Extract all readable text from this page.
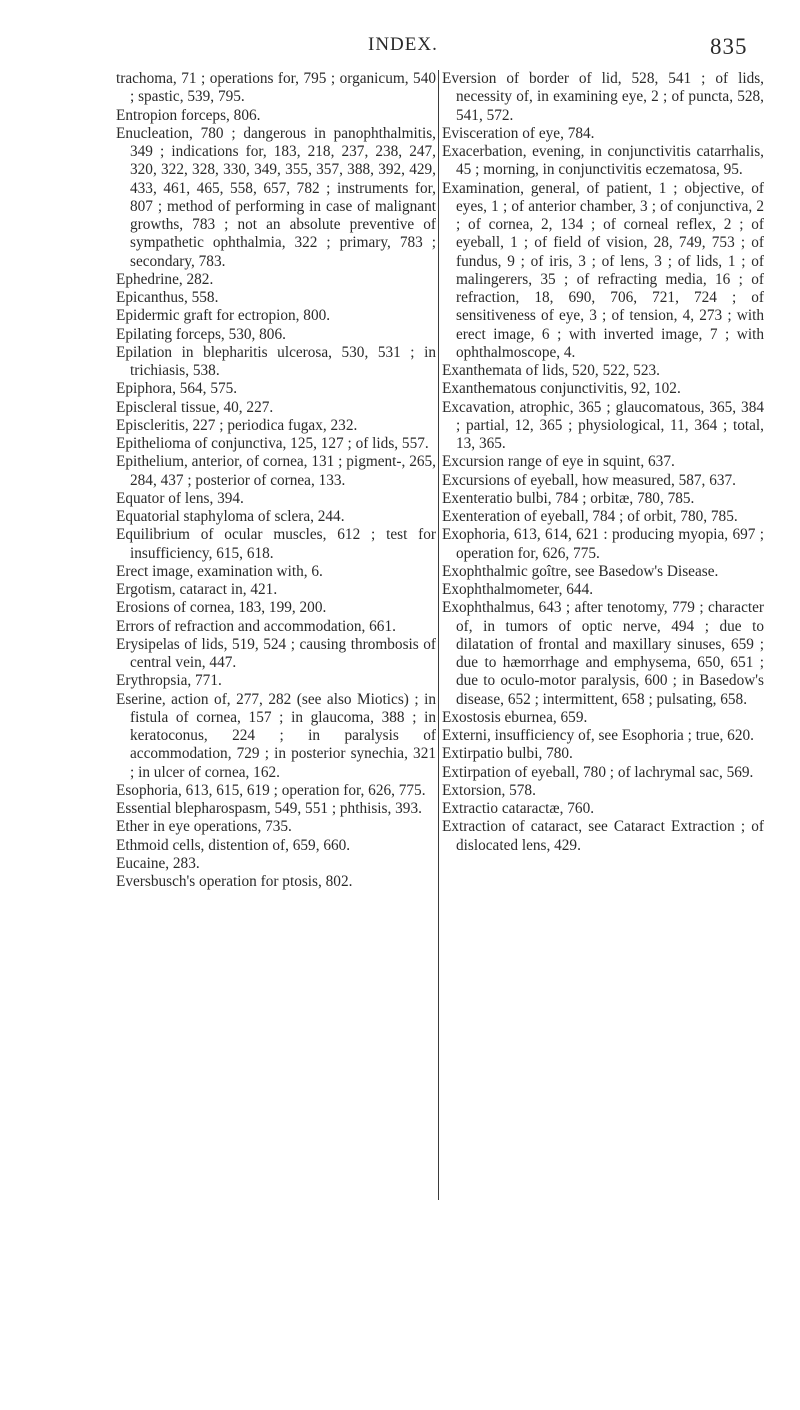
INDEX.	835
trachoma, 71 ; operations for, 795 ; organicum, 540 ; spastic, 539, 795.
Entropion forceps, 806.
Enucleation, 780 ; dangerous in panophthalmitis, 349 ; indications for, 183, 218, 237, 238, 247, 320, 322, 328, 330, 349, 355, 357, 388, 392, 429, 433, 461, 465, 558, 657, 782 ; instruments for, 807 ; method of performing in case of malignant growths, 783 ; not an absolute preventive of sympathetic ophthalmia, 322 ; primary, 783 ; secondary, 783.
Ephedrine, 282.
Epicanthus, 558.
Epidermic graft for ectropion, 800.
Epilating forceps, 530, 806.
Epilation in blepharitis ulcerosa, 530, 531 ; in trichiasis, 538.
Epiphora, 564, 575.
Episcleral tissue, 40, 227.
Episcleritis, 227 ; periodica fugax, 232.
Epithelioma of conjunctiva, 125, 127 ; of lids, 557.
Epithelium, anterior, of cornea, 131 ; pigment-, 265, 284, 437 ; posterior of cornea, 133.
Equator of lens, 394.
Equatorial staphyloma of sclera, 244.
Equilibrium of ocular muscles, 612 ; test for insufficiency, 615, 618.
Erect image, examination with, 6.
Ergotism, cataract in, 421.
Erosions of cornea, 183, 199, 200.
Errors of refraction and accommodation, 661.
Erysipelas of lids, 519, 524 ; causing thrombosis of central vein, 447.
Erythropsia, 771.
Eserine, action of, 277, 282 (see also Miotics) ; in fistula of cornea, 157 ; in glaucoma, 388 ; in keratoconus, 224 ; in paralysis of accommodation, 729 ; in posterior synechia, 321 ; in ulcer of cornea, 162.
Esophoria, 613, 615, 619 ; operation for, 626, 775.
Essential blepharospasm, 549, 551 ; phthisis, 393.
Ether in eye operations, 735.
Ethmoid cells, distention of, 659, 660.
Eucaine, 283.
Eversbusch's operation for ptosis, 802.
Eversion of border of lid, 528, 541 ; of lids, necessity of, in examining eye, 2 ; of puncta, 528, 541, 572.
Evisceration of eye, 784.
Exacerbation, evening, in conjunctivitis catarrhalis, 45 ; morning, in conjunctivitis eczematosa, 95.
Examination, general, of patient, 1 ; objective, of eyes, 1 ; of anterior chamber, 3 ; of conjunctiva, 2 ; of cornea, 2, 134 ; of corneal reflex, 2 ; of eyeball, 1 ; of field of vision, 28, 749, 753 ; of fundus, 9 ; of iris, 3 ; of lens, 3 ; of lids, 1 ; of malingerers, 35 ; of refracting media, 16 ; of refraction, 18, 690, 706, 721, 724 ; of sensitiveness of eye, 3 ; of tension, 4, 273 ; with erect image, 6 ; with inverted image, 7 ; with ophthalmoscope, 4.
Exanthemata of lids, 520, 522, 523.
Exanthematous conjunctivitis, 92, 102.
Excavation, atrophic, 365 ; glaucomatous, 365, 384 ; partial, 12, 365 ; physiological, 11, 364 ; total, 13, 365.
Excursion range of eye in squint, 637.
Excursions of eyeball, how measured, 587, 637.
Exenteratio bulbi, 784 ; orbitæ, 780, 785.
Exenteration of eyeball, 784 ; of orbit, 780, 785.
Exophoria, 613, 614, 621 : producing myopia, 697 ; operation for, 626, 775.
Exophthalmic goître, see Basedow's Disease.
Exophthalmometer, 644.
Exophthalmus, 643 ; after tenotomy, 779 ; character of, in tumors of optic nerve, 494 ; due to dilatation of frontal and maxillary sinuses, 659 ; due to hæmorrhage and emphysema, 650, 651 ; due to oculo-motor paralysis, 600 ; in Basedow's disease, 652 ; intermittent, 658 ; pulsating, 658.
Exostosis eburnea, 659.
Externi, insufficiency of, see Esophoria ; true, 620.
Extirpatio bulbi, 780.
Extirpation of eyeball, 780 ; of lachrymal sac, 569.
Extorsion, 578.
Extractio cataractæ, 760.
Extraction of cataract, see Cataract Extraction ; of dislocated lens, 429.
